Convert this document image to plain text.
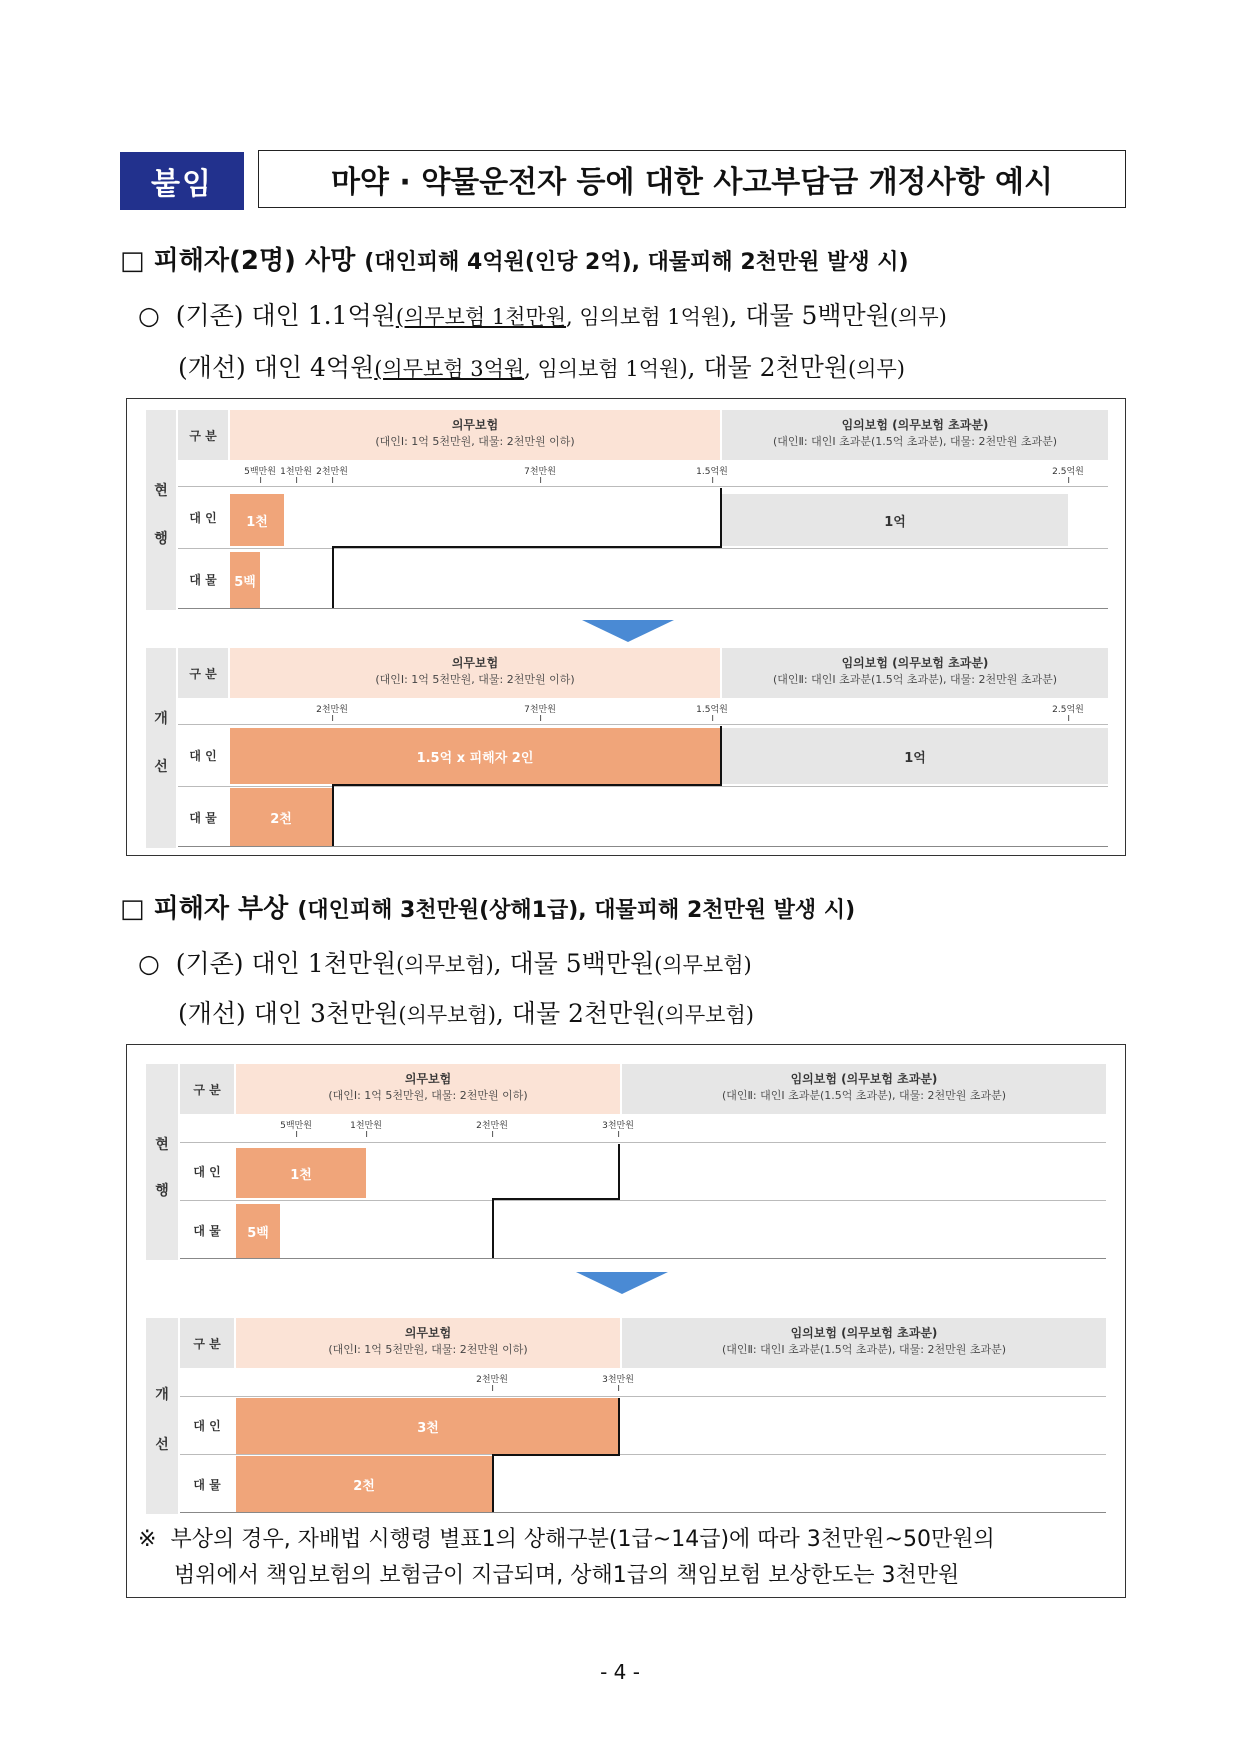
붙임	마약 · 약물운전자 등에 대한 사고부담금 개정사항 예시
□ 피해자(2명) 사망 (대인피해 4억원(인당 2억), 대물피해 2천만원 발생 시)
○ (기존) 대인 1.1억원(의무보험 1천만원, 임의보험 1억원), 대물 5백만원(의무)
(개선) 대인 4억원(의무보험 3억원, 임의보험 1억원), 대물 2천만원(의무)
현
행
구 분
의무보험
(대인Ⅰ: 1억 5천만원, 대물: 2천만원 이하)
임의보험 (의무보험 초과분)
(대인Ⅱ: 대인Ⅰ 초과분(1.5억 초과분), 대물: 2천만원 초과분)
5백만원 1천만원 2천만원	7천만원	1.5억원	2.5억원
대 인	1천	1억
대 물	5백
개
선
구 분
의무보험
(대인Ⅰ: 1억 5천만원, 대물: 2천만원 이하)
임의보험 (의무보험 초과분)
(대인Ⅱ: 대인Ⅰ 초과분(1.5억 초과분), 대물: 2천만원 초과분)
2천만원	7천만원	1.5억원	2.5억원
대 인	1.5억 x 피해자 2인	1억
대 물	2천
□ 피해자 부상 (대인피해 3천만원(상해1급), 대물피해 2천만원 발생 시)
○ (기존) 대인 1천만원(의무보험), 대물 5백만원(의무보험)
(개선) 대인 3천만원(의무보험), 대물 2천만원(의무보험)
현
행
구 분
의무보험
(대인Ⅰ: 1억 5천만원, 대물: 2천만원 이하)
임의보험 (의무보험 초과분)
(대인Ⅱ: 대인Ⅰ 초과분(1.5억 초과분), 대물: 2천만원 초과분)
5백만원	1천만원	2천만원	3천만원
대 인	1천
대 물	5백
개
선
구 분
의무보험
(대인Ⅰ: 1억 5천만원, 대물: 2천만원 이하)
임의보험 (의무보험 초과분)
(대인Ⅱ: 대인Ⅰ 초과분(1.5억 초과분), 대물: 2천만원 초과분)
2천만원	3천만원
대 인	3천
대 물	2천
※ 부상의 경우, 자배법 시행령 별표1의 상해구분(1급~14급)에 따라 3천만원~50만원의
범위에서 책임보험의 보험금이 지급되며, 상해1급의 책임보험 보상한도는 3천만원
- 4 -
